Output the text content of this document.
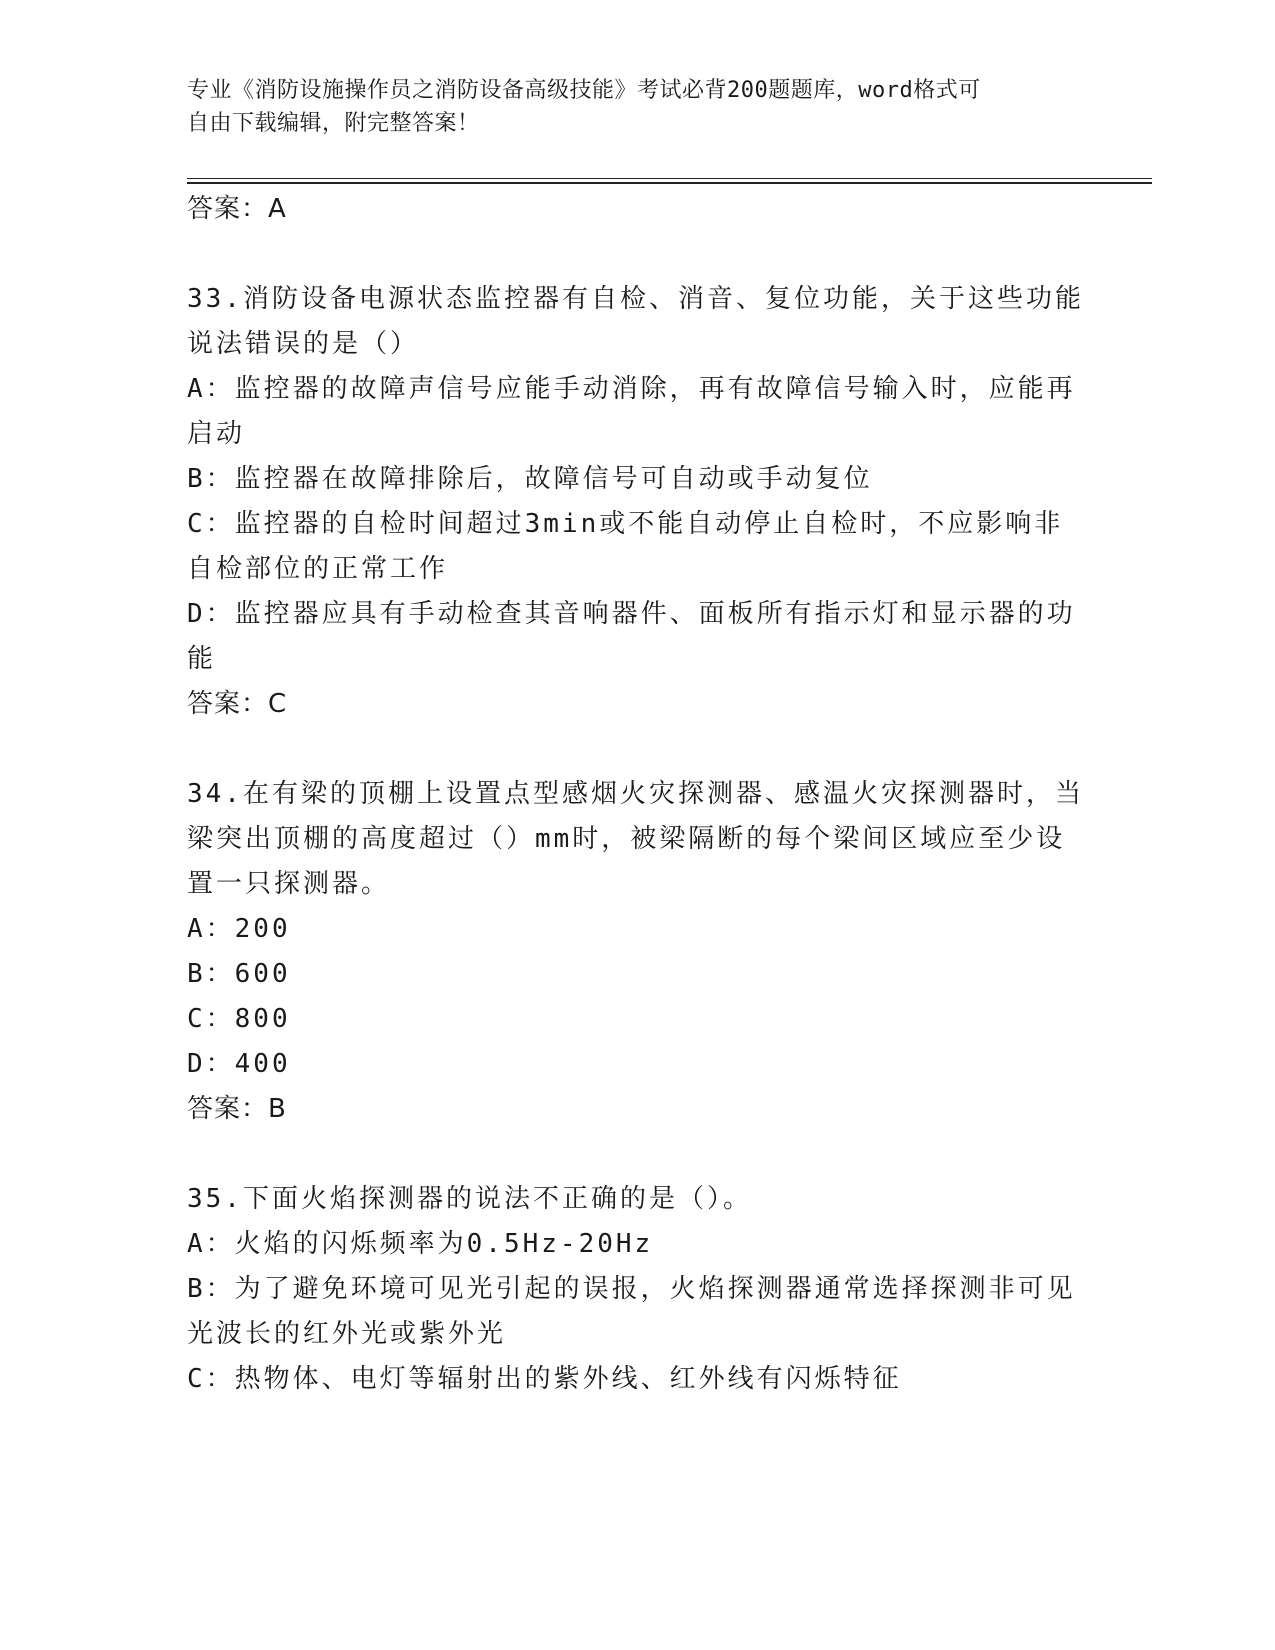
专业《消防设施操作员之消防设备高级技能》考试必背200题题库，word格式可
自由下载编辑，附完整答案！
答案：A
33.消防设备电源状态监控器有自检、消音、复位功能，关于这些功能
说法错误的是（）
A：监控器的故障声信号应能手动消除，再有故障信号输入时，应能再
启动
B：监控器在故障排除后，故障信号可自动或手动复位
C：监控器的自检时间超过3min或不能自动停止自检时，不应影响非
自检部位的正常工作
D：监控器应具有手动检查其音响器件、面板所有指示灯和显示器的功
能
答案：C
34.在有梁的顶棚上设置点型感烟火灾探测器、感温火灾探测器时，当
梁突出顶棚的高度超过（）mm时，被梁隔断的每个梁间区域应至少设
置一只探测器。
A：200
B：600
C：800
D：400
答案：B
35.下面火焰探测器的说法不正确的是（）。
A：火焰的闪烁频率为0.5Hz-20Hz
B：为了避免环境可见光引起的误报，火焰探测器通常选择探测非可见
光波长的红外光或紫外光
C：热物体、电灯等辐射出的紫外线、红外线有闪烁特征
